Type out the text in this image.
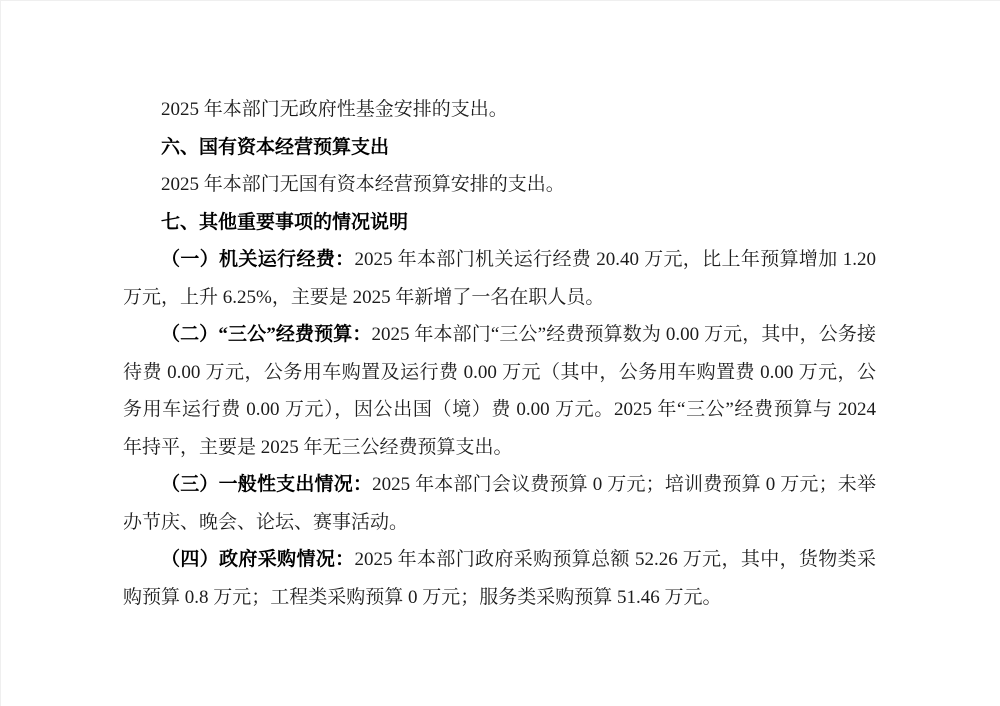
2025 年本部门无政府性基金安排的支出。

六、国有资本经营预算支出

2025 年本部门无国有资本经营预算安排的支出。

七、其他重要事项的情况说明

（一）机关运行经费：2025 年本部门机关运行经费 20.40 万元，比上年预算增加 1.20 万元，上升 6.25%，主要是 2025 年新增了一名在职人员。

（二）“三公”经费预算：2025 年本部门“三公”经费预算数为 0.00 万元，其中，公务接待费 0.00 万元，公务用车购置及运行费 0.00 万元（其中，公务用车购置费 0.00 万元，公务用车运行费 0.00 万元），因公出国（境）费 0.00 万元。2025 年“三公”经费预算与 2024 年持平，主要是 2025 年无三公经费预算支出。

（三）一般性支出情况：2025 年本部门会议费预算 0 万元；培训费预算 0 万元；未举办节庆、晚会、论坛、赛事活动。

（四）政府采购情况：2025 年本部门政府采购预算总额 52.26 万元，其中，货物类采购预算 0.8 万元；工程类采购预算 0 万元；服务类采购预算 51.46 万元。
